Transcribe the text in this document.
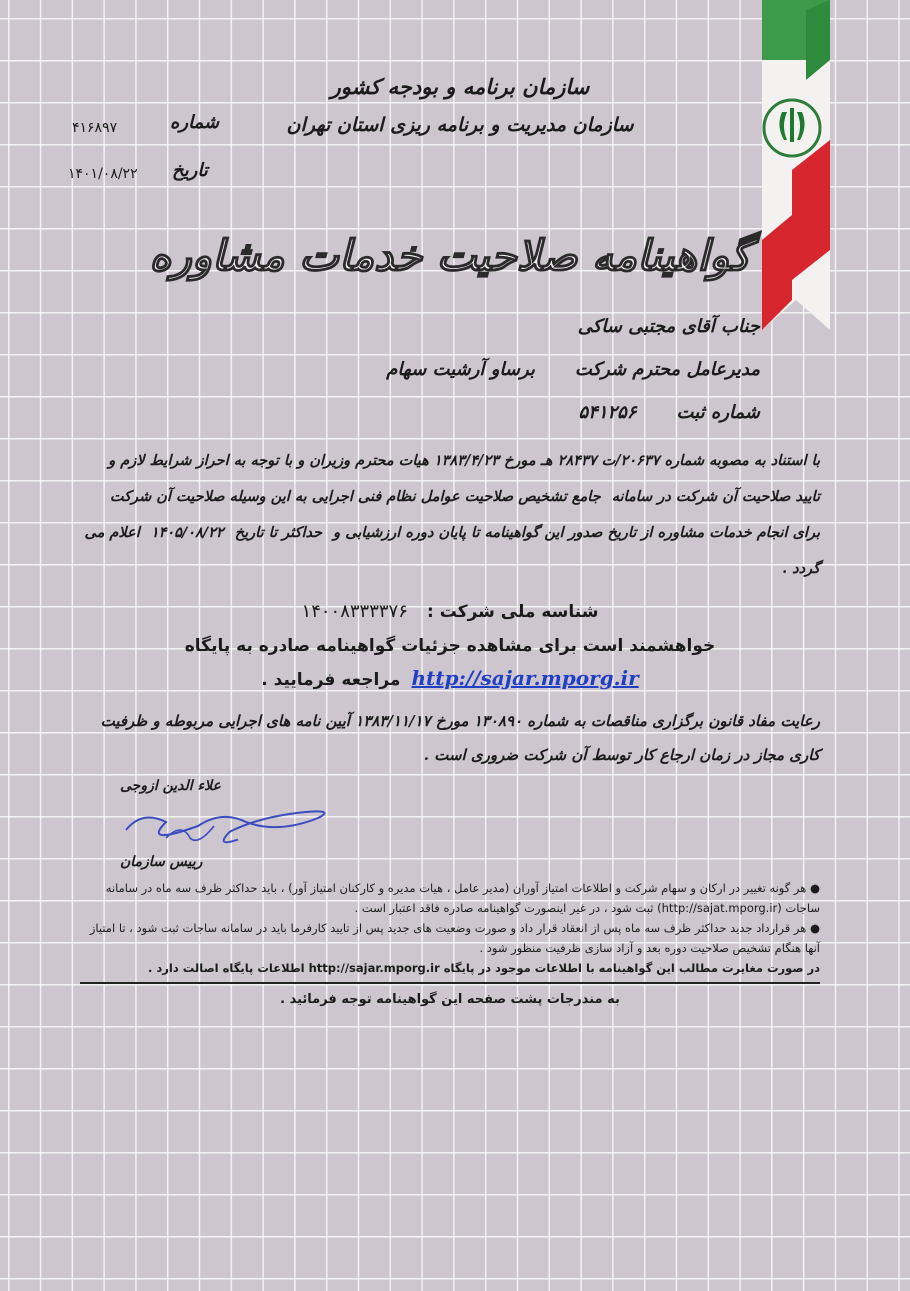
سازمان برنامه و بودجه کشور
سازمان مدیریت و برنامه ریزی استان تهران
شماره
۴۱۶۸۹۷
تاریخ
۱۴۰۱/۰۸/۲۲
گواهینامه صلاحیت خدمات مشاوره
جناب آقای مجتبی ساکی
مدیرعامل محترم شرکت
برساو آرشیت سهام
شماره ثبت
۵۴۱۲۵۶
با استناد به مصوبه شماره ۲۰۶۳۷/ت ۲۸۴۳۷ هـ مورخ ۱۳۸۳/۴/۲۳ هیات محترم وزیران و با توجه به احراز شرایط لازم و تایید صلاحیت آن شرکت در سامانه جامع تشخیص صلاحیت عوامل نظام فنی اجرایی به این وسیله صلاحیت آن شرکت برای انجام خدمات مشاوره از تاریخ صدور این گواهینامه تا پایان دوره ارزشیابی و حداکثر تا تاریخ ۱۴۰۵/۰۸/۲۲ اعلام می گردد .
شناسه ملی شرکت : ۱۴۰۰۸۳۳۳۳۷۶
خواهشمند است برای مشاهده جزئیات گواهینامه صادره به پایگاه
http://sajar.mporg.ir مراجعه فرمایید .
رعایت مفاد قانون برگزاری مناقصات به شماره ۱۳۰۸۹۰ مورخ ۱۳۸۳/۱۱/۱۷ آیین نامه های اجرایی مربوطه و ظرفیت کاری مجاز در زمان ارجاع کار توسط آن شرکت ضروری است .
علاء الدین ازوجی
رییس سازمان
● هر گونه تغییر در ارکان و سهام شرکت و اطلاعات امتیاز آوران (مدیر عامل ، هیات مدیره و کارکنان امتیاز آور) ، باید حداکثر ظرف سه ماه در سامانه ساجات (http://sajat.mporg.ir) ثبت شود ، در غیر اینصورت گواهینامه صادره فاقد اعتبار است .
● هر قرارداد جدید حداکثر ظرف سه ماه پس از انعقاد قرار داد و صورت وضعیت های جدید پس از تایید کارفرما باید در سامانه ساجات ثبت شود ، تا امتیاز آنها هنگام تشخیص صلاحیت دوره بعد و آزاد سازی ظرفیت منظور شود .
در صورت مغایرت مطالب این گواهینامه با اطلاعات موجود در پایگاه http://sajar.mporg.ir اطلاعات پایگاه اصالت دارد .
به مندرجات پشت صفحه این گواهینامه توجه فرمائید .
